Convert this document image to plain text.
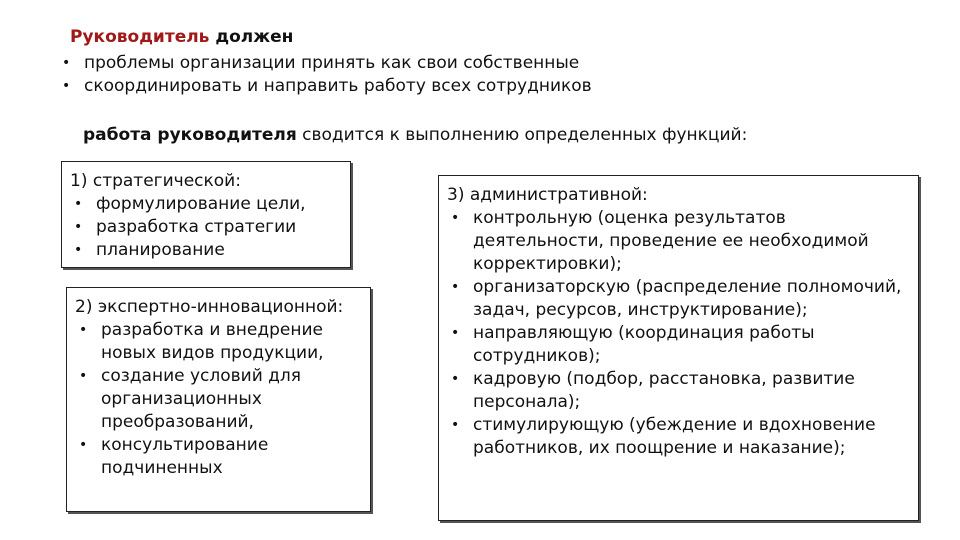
Руководитель должен
• проблемы организации принять как свои собственные
• скоординировать и направить работу всех сотрудников
работа руководителя сводится к выполнению определенных функций:

1) стратегической:

• формулирование цели,
• разработка стратегии
• планирование

2) экспертно-инновационной:

• разработка и внедрение новых видов продукции,
• создание условий для организационных преобразований,
• консультирование подчиненных

3) административной:

• контрольную (оценка результатов деятельности, проведение ее необходимой корректировки);
• организаторскую (распределение полномочий, задач, ресурсов, инструктирование);
• направляющую (координация работы сотрудников);
• кадровую (подбор, расстановка, развитие персонала);
• стимулирующую (убеждение и вдохновение работников, их поощрение и наказание);
